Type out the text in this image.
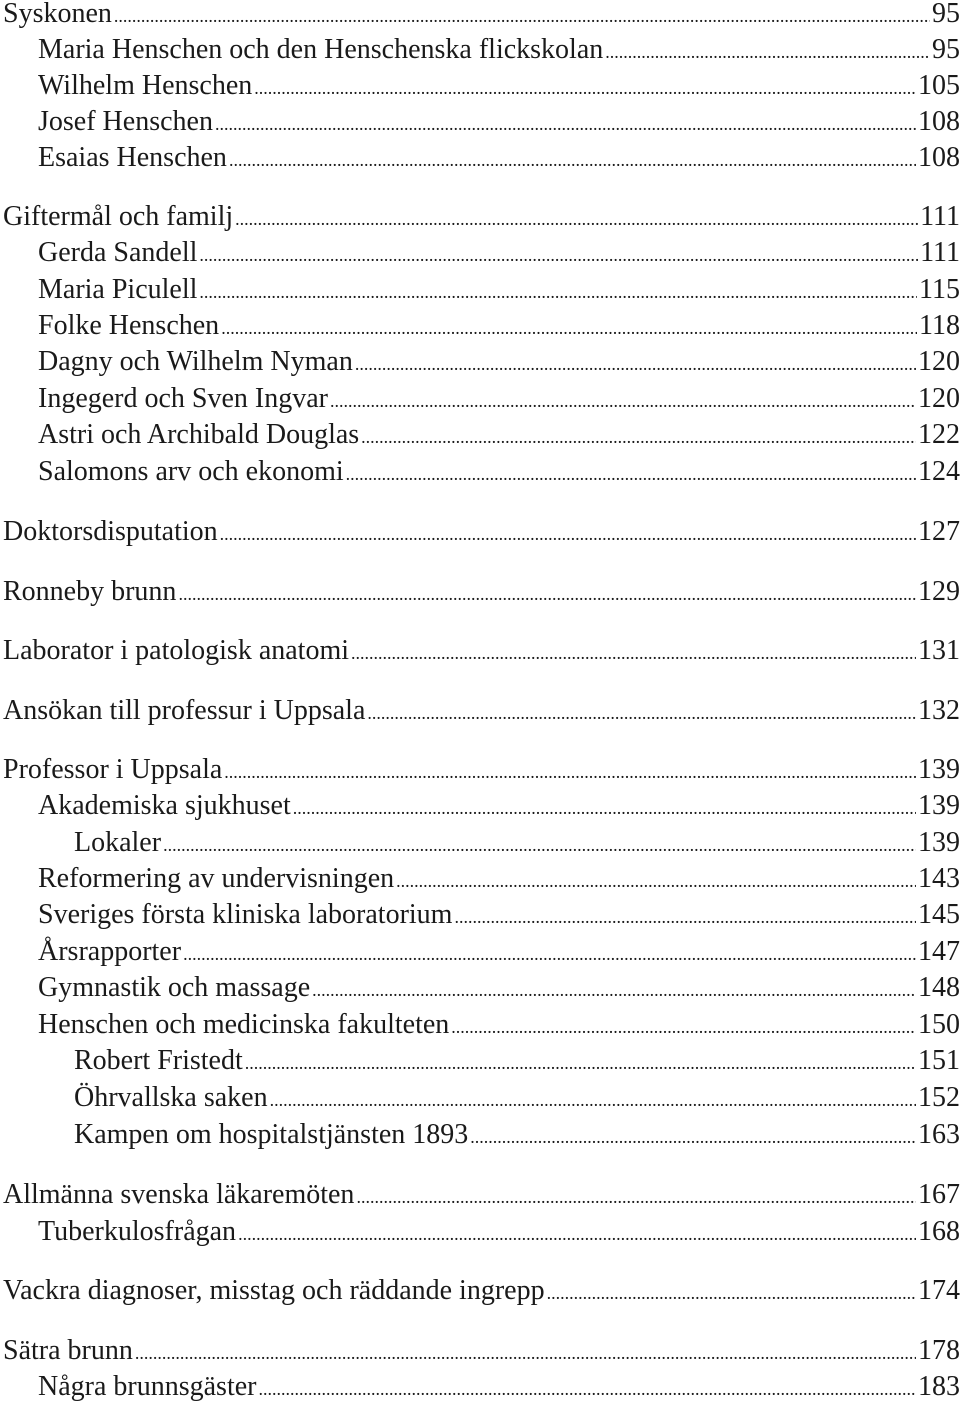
Syskonen .....	95
Maria Henschen och den Henschenska flickskolan .....	95
Wilhelm Henschen .....	105
Josef Henschen .....	108
Esaias Henschen .....	108
Giftermål och familj .....	111
Gerda Sandell .....	111
Maria Piculell .....	115
Folke Henschen .....	118
Dagny och Wilhelm Nyman .....	120
Ingegerd och Sven Ingvar .....	120
Astri och Archibald Douglas .....	122
Salomons arv och ekonomi .....	124
Doktorsdisputation .....	127
Ronneby brunn .....	129
Laborator i patologisk anatomi .....	131
Ansökan till professur i Uppsala .....	132
Professor i Uppsala .....	139
Akademiska sjukhuset .....	139
Lokaler .....	139
Reformering av undervisningen .....	143
Sveriges första kliniska laboratorium .....	145
Årsrapporter .....	147
Gymnastik och massage .....	148
Henschen och medicinska fakulteten .....	150
Robert Fristedt .....	151
Öhrvallska saken .....	152
Kampen om hospitalstjänsten 1893 .....	163
Allmänna svenska läkaremöten .....	167
Tuberkulosfrågan .....	168
Vackra diagnoser, misstag och räddande ingrepp .....	174
Sätra brunn .....	178
Några brunnsgäster .....	183
